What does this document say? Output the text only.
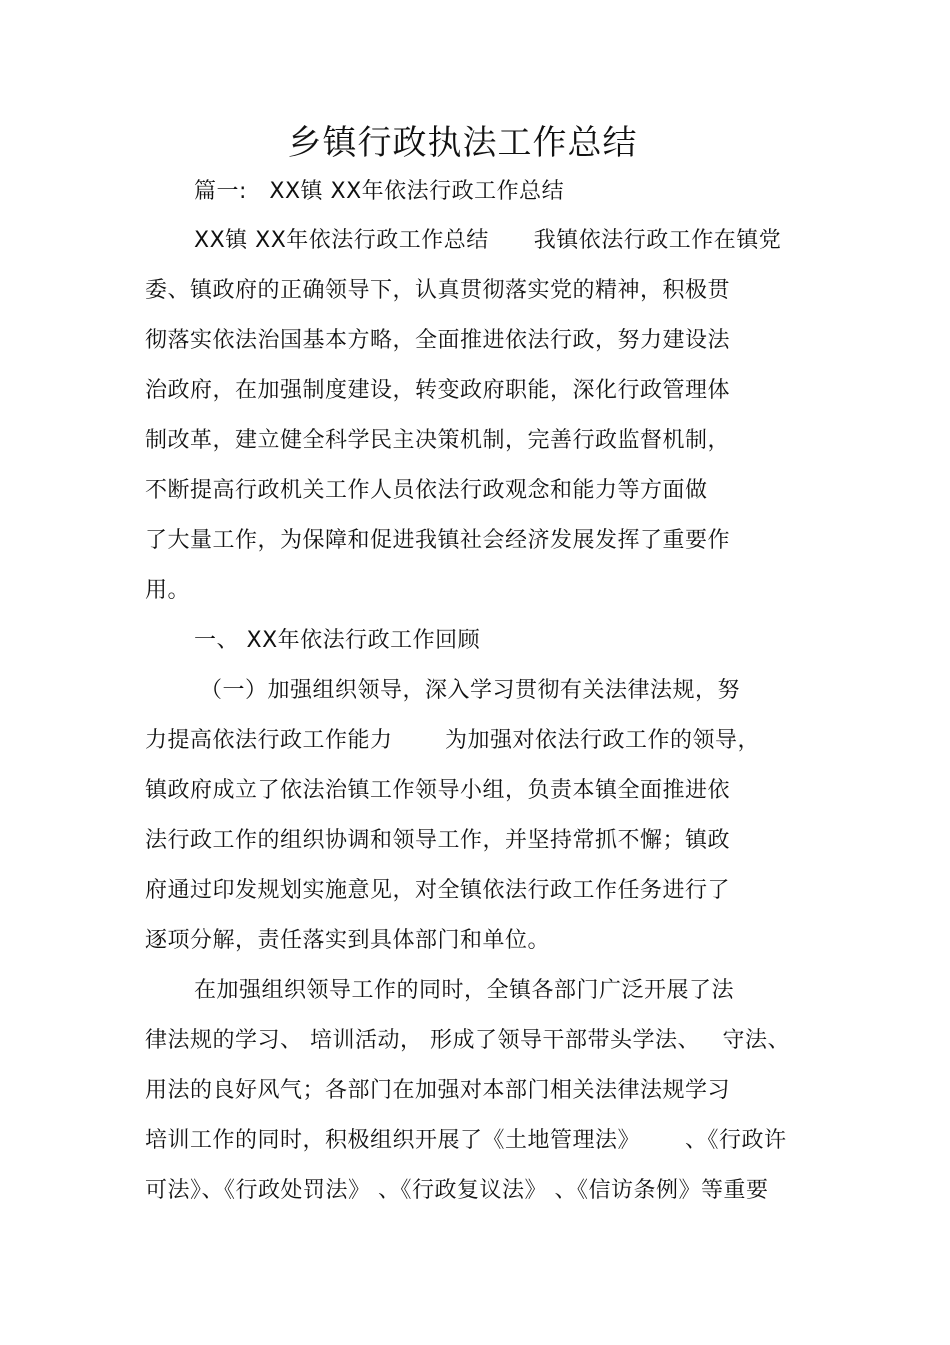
乡镇行政执法工作总结
篇一:   XX镇 XX年依法行政工作总结
XX镇 XX年依法行政工作总结      我镇依法行政工作在镇党
委、镇政府的正确领导下，认真贯彻落实党的精神，积极贯
彻落实依法治国基本方略，全面推进依法行政，努力建设法
治政府，在加强制度建设，转变政府职能，深化行政管理体
制改革，建立健全科学民主决策机制，完善行政监督机制，
不断提高行政机关工作人员依法行政观念和能力等方面做
了大量工作，为保障和促进我镇社会经济发展发挥了重要作
用。
一、 XX年依法行政工作回顾
（一）加强组织领导，深入学习贯彻有关法律法规，努
力提高依法行政工作能力       为加强对依法行政工作的领导，
镇政府成立了依法治镇工作领导小组，负责本镇全面推进依
法行政工作的组织协调和领导工作，并坚持常抓不懈；镇政
府通过印发规划实施意见，对全镇依法行政工作任务进行了
逐项分解，责任落实到具体部门和单位。
在加强组织领导工作的同时，全镇各部门广泛开展了法
律法规的学习、 培训活动， 形成了领导干部带头学法、   守法、
用法的良好风气；各部门在加强对本部门相关法律法规学习
培训工作的同时，积极组织开展了《土地管理法》      、《行政许
可法》、《行政处罚法》 、《行政复议法》 、《信访条例》等重要
